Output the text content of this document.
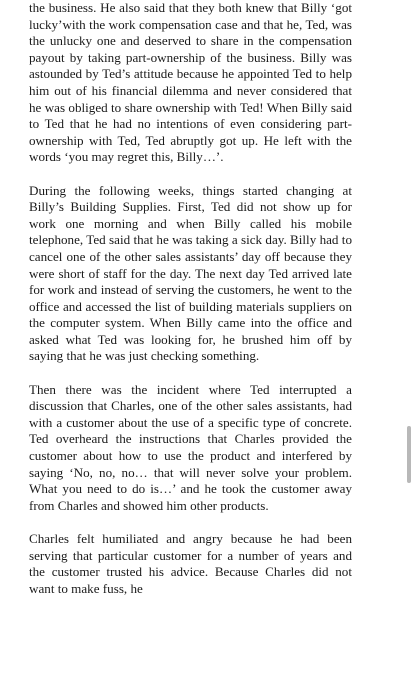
the business. He also said that they both knew that Billy ‘got lucky’with the work compensation case and that he, Ted, was the unlucky one and deserved to share in the compensation payout by taking part-ownership of the business. Billy was astounded by Ted’s attitude because he appointed Ted to help him out of his financial dilemma and never considered that he was obliged to share ownership with Ted! When Billy said to Ted that he had no intentions of even considering part-ownership with Ted, Ted abruptly got up. He left with the words ‘you may regret this, Billy…’.

During the following weeks, things started changing at Billy’s Building Supplies. First, Ted did not show up for work one morning and when Billy called his mobile telephone, Ted said that he was taking a sick day. Billy had to cancel one of the other sales assistants’ day off because they were short of staff for the day. The next day Ted arrived late for work and instead of serving the customers, he went to the office and accessed the list of building materials suppliers on the computer system. When Billy came into the office and asked what Ted was looking for, he brushed him off by saying that he was just checking something.

Then there was the incident where Ted interrupted a discussion that Charles, one of the other sales assistants, had with a customer about the use of a specific type of concrete. Ted overheard the instructions that Charles provided the customer about how to use the product and interfered by saying ‘No, no, no… that will never solve your problem. What you need to do is…’ and he took the customer away from Charles and showed him other products.

Charles felt humiliated and angry because he had been serving that particular customer for a number of years and the customer trusted his advice. Because Charles did not want to make fuss, he
